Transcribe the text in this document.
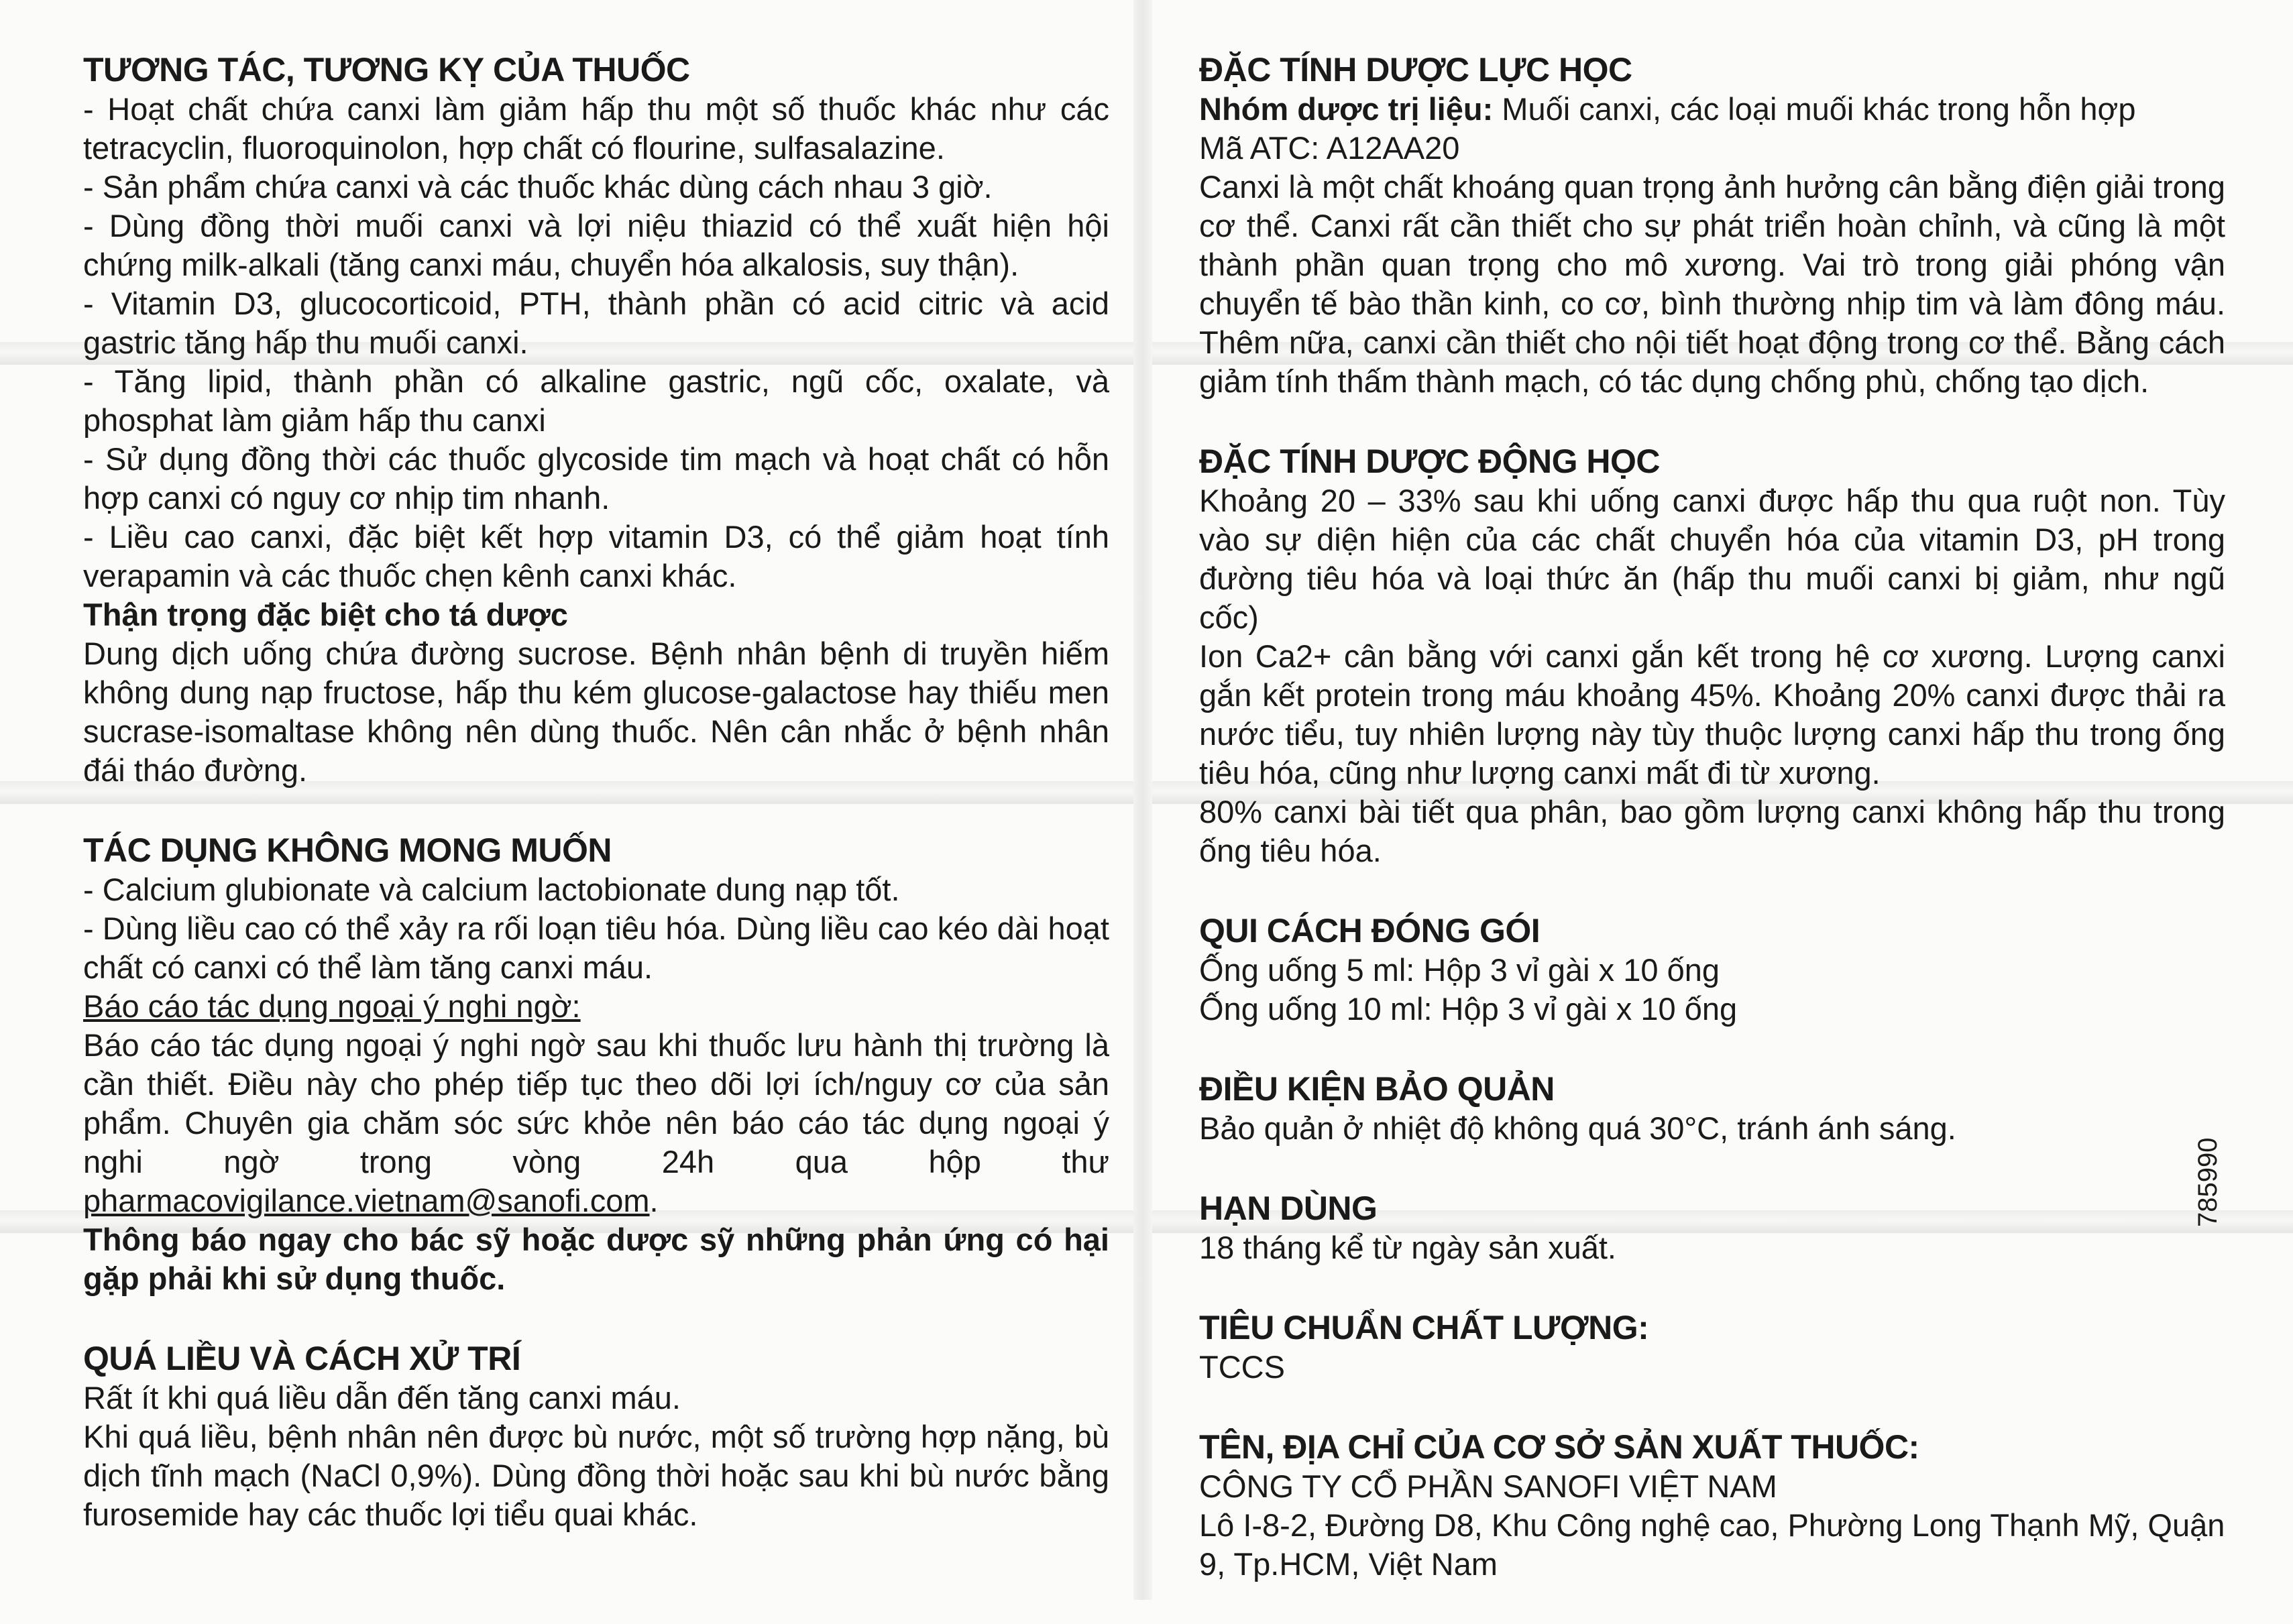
TƯƠNG TÁC, TƯƠNG KỴ CỦA THUỐC

- Hoạt chất chứa canxi làm giảm hấp thu một số thuốc khác như các tetracyclin, fluoroquinolon, hợp chất có flourine, sulfasalazine.

- Sản phẩm chứa canxi và các thuốc khác dùng cách nhau 3 giờ.

- Dùng đồng thời muối canxi và lợi niệu thiazid có thể xuất hiện hội chứng milk-alkali (tăng canxi máu, chuyển hóa alkalosis, suy thận).

- Vitamin D3, glucocorticoid, PTH, thành phần có acid citric và acid gastric tăng hấp thu muối canxi.

- Tăng lipid, thành phần có alkaline gastric, ngũ cốc, oxalate, và phosphat làm giảm hấp thu canxi

- Sử dụng đồng thời các thuốc glycoside tim mạch và hoạt chất có hỗn hợp canxi có nguy cơ nhịp tim nhanh.

- Liều cao canxi, đặc biệt kết hợp vitamin D3, có thể giảm hoạt tính verapamin và các thuốc chẹn kênh canxi khác.

Thận trọng đặc biệt cho tá dược

Dung dịch uống chứa đường sucrose. Bệnh nhân bệnh di truyền hiếm không dung nạp fructose, hấp thu kém glucose-galactose hay thiếu men sucrase-isomaltase không nên dùng thuốc. Nên cân nhắc ở bệnh nhân đái tháo đường.

TÁC DỤNG KHÔNG MONG MUỐN

- Calcium glubionate và calcium lactobionate dung nạp tốt.

- Dùng liều cao có thể xảy ra rối loạn tiêu hóa. Dùng liều cao kéo dài hoạt chất có canxi có thể làm tăng canxi máu.

Báo cáo tác dụng ngoại ý nghi ngờ:

Báo cáo tác dụng ngoại ý nghi ngờ sau khi thuốc lưu hành thị trường là cần thiết. Điều này cho phép tiếp tục theo dõi lợi ích/nguy cơ của sản phẩm. Chuyên gia chăm sóc sức khỏe nên báo cáo tác dụng ngoại ý nghi ngờ trong vòng 24h qua hộp thư pharmacovigilance.vietnam@sanofi.com.

Thông báo ngay cho bác sỹ hoặc dược sỹ những phản ứng có hại gặp phải khi sử dụng thuốc.

QUÁ LIỀU VÀ CÁCH XỬ TRÍ

Rất ít khi quá liều dẫn đến tăng canxi máu.

Khi quá liều, bệnh nhân nên được bù nước, một số trường hợp nặng, bù dịch tĩnh mạch (NaCl 0,9%). Dùng đồng thời hoặc sau khi bù nước bằng furosemide hay các thuốc lợi tiểu quai khác.

ĐẶC TÍNH DƯỢC LỰC HỌC

Nhóm dược trị liệu: Muối canxi, các loại muối khác trong hỗn hợp

Mã ATC: A12AA20

Canxi là một chất khoáng quan trọng ảnh hưởng cân bằng điện giải trong cơ thể. Canxi rất cần thiết cho sự phát triển hoàn chỉnh, và cũng là một thành phần quan trọng cho mô xương. Vai trò trong giải phóng vận chuyển tế bào thần kinh, co cơ, bình thường nhịp tim và làm đông máu. Thêm nữa, canxi cần thiết cho nội tiết hoạt động trong cơ thể. Bằng cách giảm tính thấm thành mạch, có tác dụng chống phù, chống tạo dịch.

ĐẶC TÍNH DƯỢC ĐỘNG HỌC

Khoảng 20 – 33% sau khi uống canxi được hấp thu qua ruột non. Tùy vào sự diện hiện của các chất chuyển hóa của vitamin D3, pH trong đường tiêu hóa và loại thức ăn (hấp thu muối canxi bị giảm, như ngũ cốc)

Ion Ca2+ cân bằng với canxi gắn kết trong hệ cơ xương. Lượng canxi gắn kết protein trong máu khoảng 45%. Khoảng 20% canxi được thải ra nước tiểu, tuy nhiên lượng này tùy thuộc lượng canxi hấp thu trong ống tiêu hóa, cũng như lượng canxi mất đi từ xương.

80% canxi bài tiết qua phân, bao gồm lượng canxi không hấp thu trong ống tiêu hóa.

QUI CÁCH ĐÓNG GÓI

Ống uống 5 ml: Hộp 3 vỉ gài x 10 ống

Ống uống 10 ml: Hộp 3 vỉ gài x 10 ống

ĐIỀU KIỆN BẢO QUẢN

Bảo quản ở nhiệt độ không quá 30°C, tránh ánh sáng.

HẠN DÙNG

18 tháng kể từ ngày sản xuất.

TIÊU CHUẨN CHẤT LƯỢNG:

TCCS

TÊN, ĐỊA CHỈ CỦA CƠ SỞ SẢN XUẤT THUỐC:

CÔNG TY CỔ PHẦN SANOFI VIỆT NAM

Lô I-8-2, Đường D8, Khu Công nghệ cao, Phường Long Thạnh Mỹ, Quận 9, Tp.HCM, Việt Nam

785990
